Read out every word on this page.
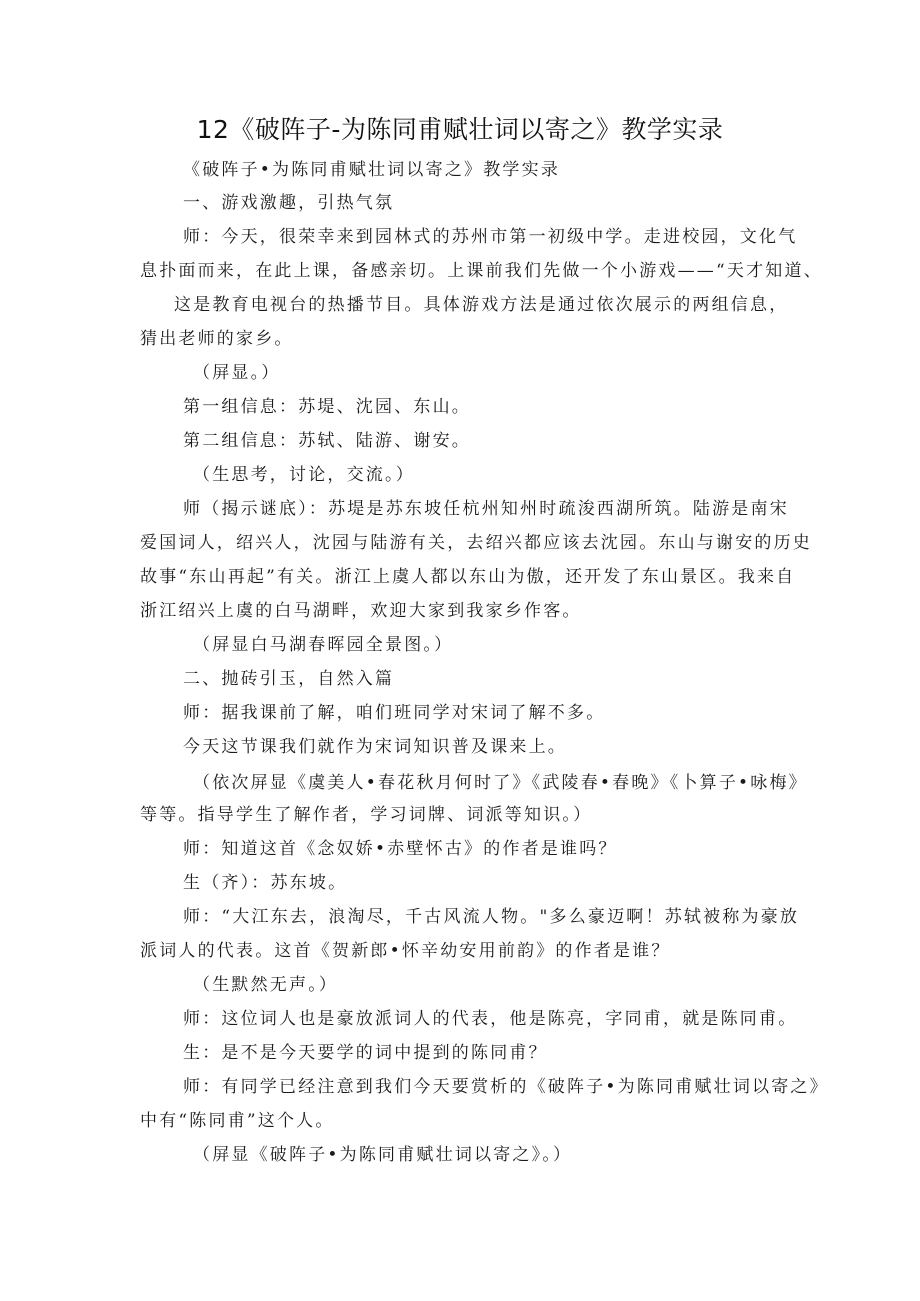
12《破阵子-为陈同甫赋壮词以寄之》教学实录
《破阵子•为陈同甫赋壮词以寄之》教学实录
一、游戏激趣，引热气氛
师：今天，很荣幸来到园林式的苏州市第一初级中学。走进校园，文化气
息扑面而来，在此上课，备感亲切。上课前我们先做一个小游戏——“天才知道、
这是教育电视台的热播节目。具体游戏方法是通过依次展示的两组信息，
猜出老师的家乡。
（屏显。）
第一组信息：苏堤、沈园、东山。
第二组信息：苏轼、陆游、谢安。
（生思考，讨论，交流。）
师（揭示谜底）：苏堤是苏东坡任杭州知州时疏浚西湖所筑。陆游是南宋
爱国词人，绍兴人，沈园与陆游有关，去绍兴都应该去沈园。东山与谢安的历史
故事“东山再起”有关。浙江上虞人都以东山为傲，还开发了东山景区。我来自
浙江绍兴上虞的白马湖畔，欢迎大家到我家乡作客。
（屏显白马湖春晖园全景图。）
二、抛砖引玉，自然入篇
师：据我课前了解，咱们班同学对宋词了解不多。
今天这节课我们就作为宋词知识普及课来上。
（依次屏显《虞美人•春花秋月何时了》《武陵春•春晚》《卜算子•咏梅》
等等。指导学生了解作者，学习词牌、词派等知识。）
师：知道这首《念奴娇•赤壁怀古》的作者是谁吗？
生（齐）：苏东坡。
师：“大江东去，浪淘尽，千古风流人物。"多么豪迈啊！苏轼被称为豪放
派词人的代表。这首《贺新郎•怀辛幼安用前韵》的作者是谁？
（生默然无声。）
师：这位词人也是豪放派词人的代表，他是陈亮，字同甫，就是陈同甫。
生：是不是今天要学的词中提到的陈同甫？
师：有同学已经注意到我们今天要赏析的《破阵子•为陈同甫赋壮词以寄之》
中有“陈同甫”这个人。
（屏显《破阵子•为陈同甫赋壮词以寄之》。）
